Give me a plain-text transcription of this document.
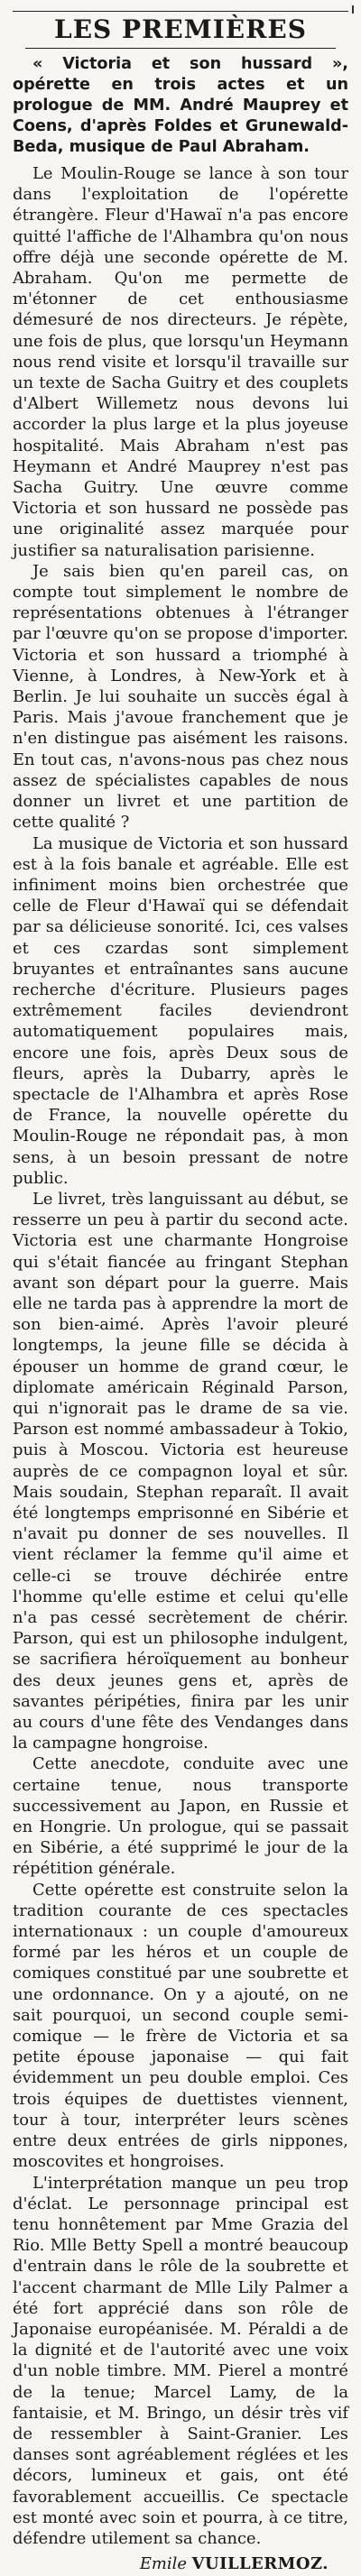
LES PREMIÈRES
« Victoria et son hussard », opérette en trois actes et un prologue de MM. André Mauprey et Coens, d'après Foldes et Grunewald-Beda, musique de Paul Abraham.

Le Moulin-Rouge se lance à son tour dans l'exploitation de l'opérette étrangère. Fleur d'Hawaï n'a pas encore quitté l'affiche de l'Alhambra qu'on nous offre déjà une seconde opérette de M. Abraham. Qu'on me permette de m'étonner de cet enthousiasme démesuré de nos directeurs. Je répète, une fois de plus, que lorsqu'un Heymann nous rend visite et lorsqu'il travaille sur un texte de Sacha Guitry et des couplets d'Albert Willemetz nous devons lui accorder la plus large et la plus joyeuse hospitalité. Mais Abraham n'est pas Heymann et André Mauprey n'est pas Sacha Guitry. Une œuvre comme Victoria et son hussard ne possède pas une originalité assez marquée pour justifier sa naturalisation parisienne.

Je sais bien qu'en pareil cas, on compte tout simplement le nombre de représentations obtenues à l'étranger par l'œuvre qu'on se propose d'importer. Victoria et son hussard a triomphé à Vienne, à Londres, à New-York et à Berlin. Je lui souhaite un succès égal à Paris. Mais j'avoue franchement que je n'en distingue pas aisément les raisons. En tout cas, n'avons-nous pas chez nous assez de spécialistes capables de nous donner un livret et une partition de cette qualité ?

La musique de Victoria et son hussard est à la fois banale et agréable. Elle est infiniment moins bien orchestrée que celle de Fleur d'Hawaï qui se défendait par sa délicieuse sonorité. Ici, ces valses et ces czardas sont simplement bruyantes et entraînantes sans aucune recherche d'écriture. Plusieurs pages extrêmement faciles deviendront automatiquement populaires mais, encore une fois, après Deux sous de fleurs, après la Dubarry, après le spectacle de l'Alhambra et après Rose de France, la nouvelle opérette du Moulin-Rouge ne répondait pas, à mon sens, à un besoin pressant de notre public.

Le livret, très languissant au début, se resserre un peu à partir du second acte. Victoria est une charmante Hongroise qui s'était fiancée au fringant Stephan avant son départ pour la guerre. Mais elle ne tarda pas à apprendre la mort de son bien-aimé. Après l'avoir pleuré longtemps, la jeune fille se décida à épouser un homme de grand cœur, le diplomate américain Réginald Parson, qui n'ignorait pas le drame de sa vie. Parson est nommé ambassadeur à Tokio, puis à Moscou. Victoria est heureuse auprès de ce compagnon loyal et sûr. Mais soudain, Stephan reparaît. Il avait été longtemps emprisonné en Sibérie et n'avait pu donner de ses nouvelles. Il vient réclamer la femme qu'il aime et celle-ci se trouve déchirée entre l'homme qu'elle estime et celui qu'elle n'a pas cessé secrètement de chérir. Parson, qui est un philosophe indulgent, se sacrifiera héroïquement au bonheur des deux jeunes gens et, après de savantes péripéties, finira par les unir au cours d'une fête des Vendanges dans la campagne hongroise.

Cette anecdote, conduite avec une certaine tenue, nous transporte successivement au Japon, en Russie et en Hongrie. Un prologue, qui se passait en Sibérie, a été supprimé le jour de la répétition générale.

Cette opérette est construite selon la tradition courante de ces spectacles internationaux : un couple d'amoureux formé par les héros et un couple de comiques constitué par une soubrette et une ordonnance. On y a ajouté, on ne sait pourquoi, un second couple semi-comique — le frère de Victoria et sa petite épouse japonaise — qui fait évidemment un peu double emploi. Ces trois équipes de duettistes viennent, tour à tour, interpréter leurs scènes entre deux entrées de girls nippones, moscovites et hongroises.

L'interprétation manque un peu trop d'éclat. Le personnage principal est tenu honnêtement par Mme Grazia del Rio. Mlle Betty Spell a montré beaucoup d'entrain dans le rôle de la soubrette et l'accent charmant de Mlle Lily Palmer a été fort apprécié dans son rôle de Japonaise européanisée. M. Péraldi a de la dignité et de l'autorité avec une voix d'un noble timbre. MM. Pierel a montré de la tenue; Marcel Lamy, de la fantaisie, et M. Bringo, un désir très vif de ressembler à Saint-Granier. Les danses sont agréablement réglées et les décors, lumineux et gais, ont été favorablement accueillis. Ce spectacle est monté avec soin et pourra, à ce titre, défendre utilement sa chance.

Emile VUILLERMOZ.
